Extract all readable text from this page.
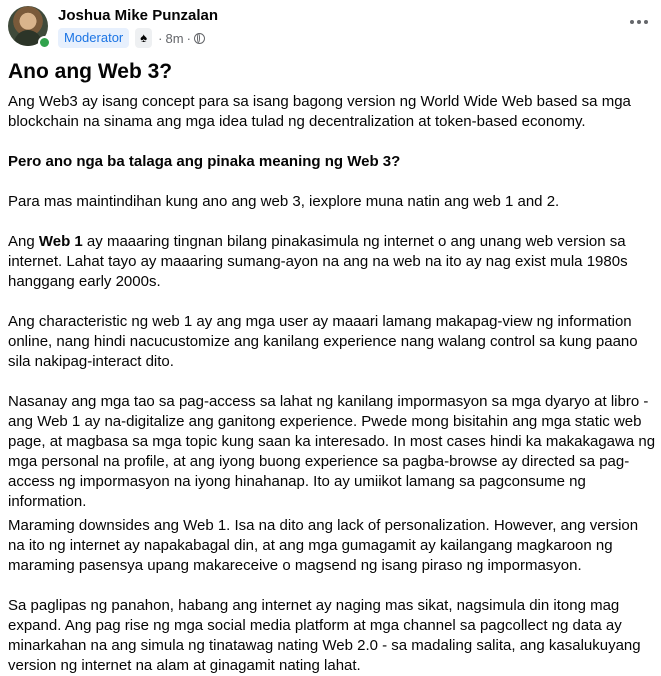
Joshua Mike Punzalan
Moderator	♠ · 8m ·
Ano ang Web 3?

Ang Web3 ay isang concept para sa isang bagong version ng World Wide Web based sa mga blockchain na sinama ang mga idea tulad ng decentralization at token-based economy.

Pero ano nga ba talaga ang pinaka meaning ng Web 3?

Para mas maintindihan kung ano ang web 3, iexplore muna natin ang web 1 and 2.

Ang Web 1 ay maaaring tingnan bilang pinakasimula ng internet o ang unang web version sa internet. Lahat tayo ay maaaring sumang-ayon na ang na web na ito ay nag exist mula 1980s hanggang early 2000s.

Ang characteristic ng web 1 ay ang mga user ay maaari lamang makapag-view ng information online, nang hindi nacucustomize ang kanilang experience nang walang control sa kung paano sila nakipag-interact dito.

Nasanay ang mga tao sa pag-access sa lahat ng kanilang impormasyon sa mga dyaryo at libro - ang Web 1 ay na-digitalize ang ganitong experience. Pwede mong bisitahin ang mga static web page, at magbasa sa mga topic kung saan ka interesado. In most cases hindi ka makakagawa ng mga personal na profile, at ang iyong buong experience sa pagba-browse ay directed sa pag-access ng impormasyon na iyong hinahanap. Ito ay umiikot lamang sa pagconsume ng information.

Maraming downsides ang Web 1. Isa na dito ang lack of personalization. However, ang version na ito ng internet ay napakabagal din, at ang mga gumagamit ay kailangang magkaroon ng maraming pasensya upang makareceive o magsend ng isang piraso ng impormasyon.

Sa paglipas ng panahon, habang ang internet ay naging mas sikat, nagsimula din itong mag expand. Ang pag rise ng mga social media platform at mga channel sa pagcollect ng data ay minarkahan na ang simula ng tinatawag nating Web 2.0 - sa madaling salita, ang kasalukuyang version ng internet na alam at ginagamit nating lahat.
